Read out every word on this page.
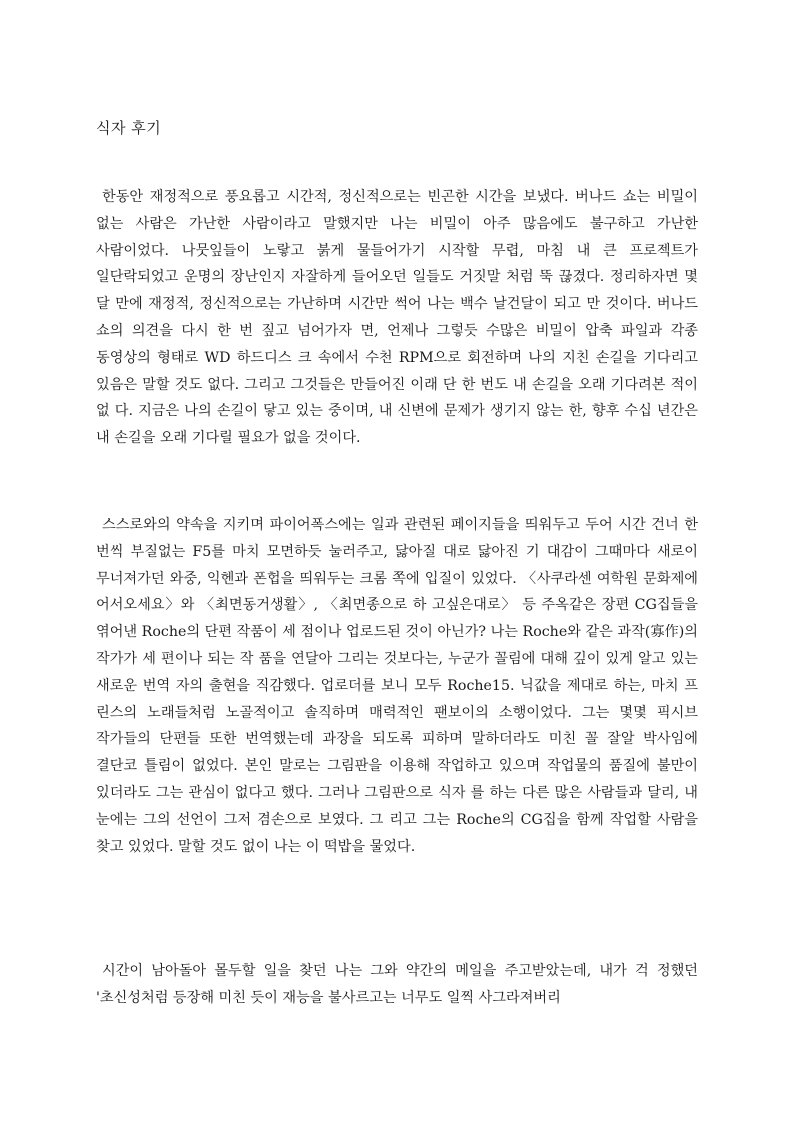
식자 후기

한동안 재정적으로 풍요롭고 시간적, 정신적으로는 빈곤한 시간을 보냈다. 버나드 쇼는 비밀이 없는 사람은 가난한 사람이라고 말했지만 나는 비밀이 아주 많음에도 불구하고 가난한 사람이었다. 나뭇잎들이 노랗고 붉게 물들어가기 시작할 무렵, 마침 내 큰 프로젝트가 일단락되었고 운명의 장난인지 자잘하게 들어오던 일들도 거짓말 처럼 뚝 끊겼다. 정리하자면 몇 달 만에 재정적, 정신적으로는 가난하며 시간만 썩어 나는 백수 날건달이 되고 만 것이다. 버나드 쇼의 의견을 다시 한 번 짚고 넘어가자 면, 언제나 그렇듯 수많은 비밀이 압축 파일과 각종 동영상의 형태로 WD 하드디스 크 속에서 수천 RPM으로 회전하며 나의 지친 손길을 기다리고 있음은 말할 것도 없다. 그리고 그것들은 만들어진 이래 단 한 번도 내 손길을 오래 기다려본 적이 없 다. 지금은 나의 손길이 닿고 있는 중이며, 내 신변에 문제가 생기지 않는 한, 향후 수십 년간은 내 손길을 오래 기다릴 필요가 없을 것이다.

스스로와의 약속을 지키며 파이어폭스에는 일과 관련된 페이지들을 띄워두고 두어 시간 건너 한 번씩 부질없는 F5를 마치 모면하듯 눌러주고, 닳아질 대로 닳아진 기 대감이 그때마다 새로이 무너져가던 와중, 익헨과 폰헙을 띄워두는 크롬 쪽에 입질이 있었다. 〈사쿠라센 여학원 문화제에 어서오세요〉와 〈최면동거생활〉, 〈최면종으로 하 고싶은대로〉 등 주옥같은 장편 CG집들을 엮어낸 Roche의 단편 작품이 세 점이나 업로드된 것이 아닌가? 나는 Roche와 같은 과작(寡作)의 작가가 세 편이나 되는 작 품을 연달아 그리는 것보다는, 누군가 꼴림에 대해 깊이 있게 알고 있는 새로운 번역 자의 출현을 직감했다. 업로더를 보니 모두 Roche15. 닉값을 제대로 하는, 마치 프 린스의 노래들처럼 노골적이고 솔직하며 매력적인 팬보이의 소행이었다. 그는 몇몇 픽시브 작가들의 단편들 또한 번역했는데 과장을 되도록 피하며 말하더라도 미친 꼴 잘알 박사임에 결단코 틀림이 없었다. 본인 말로는 그림판을 이용해 작업하고 있으며 작업물의 품질에 불만이 있더라도 그는 관심이 없다고 했다. 그러나 그림판으로 식자 를 하는 다른 많은 사람들과 달리, 내 눈에는 그의 선언이 그저 겸손으로 보였다. 그 리고 그는 Roche의 CG집을 함께 작업할 사람을 찾고 있었다. 말할 것도 없이 나는 이 떡밥을 물었다.

시간이 남아돌아 몰두할 일을 찾던 나는 그와 약간의 메일을 주고받았는데, 내가 걱 정했던 '초신성처럼 등장해 미친 듯이 재능을 불사르고는 너무도 일찍 사그라져버리
